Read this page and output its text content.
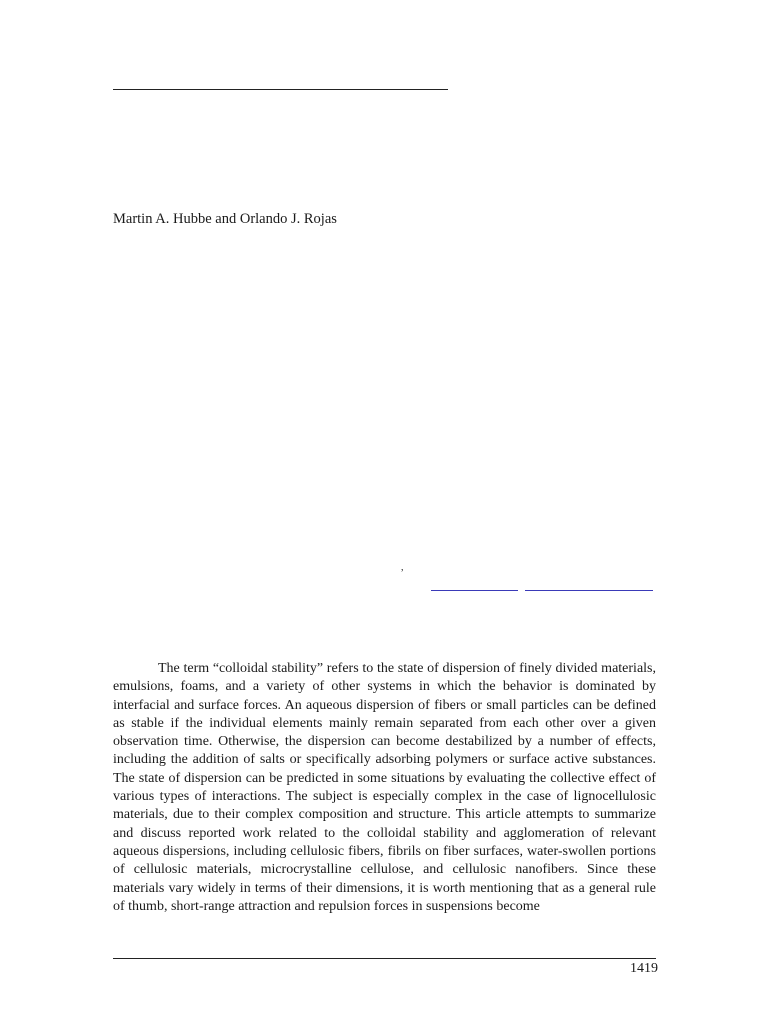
Martin A. Hubbe and Orlando J. Rojas
,

The term “colloidal stability” refers to the state of dispersion of finely divided materials, emulsions, foams, and a variety of other systems in which the behavior is dominated by interfacial and surface forces. An aqueous dispersion of fibers or small particles can be defined as stable if the individual elements mainly remain separated from each other over a given observation time. Otherwise, the dispersion can become destabilized by a number of effects, including the addition of salts or specifically adsorbing polymers or surface active substances. The state of dispersion can be predicted in some situations by evaluating the collective effect of various types of interactions. The subject is especially complex in the case of lignocellulosic materials, due to their complex composition and structure. This article attempts to summarize and discuss reported work related to the colloidal stability and agglomeration of relevant aqueous dispersions, including cellulosic fibers, fibrils on fiber surfaces, water-swollen portions of cellulosic materials, microcrystalline cellulose, and cellulosic nanofibers. Since these materials vary widely in terms of their dimensions, it is worth mentioning that as a general rule of thumb, short-range attraction and repulsion forces in suspensions become

1419
